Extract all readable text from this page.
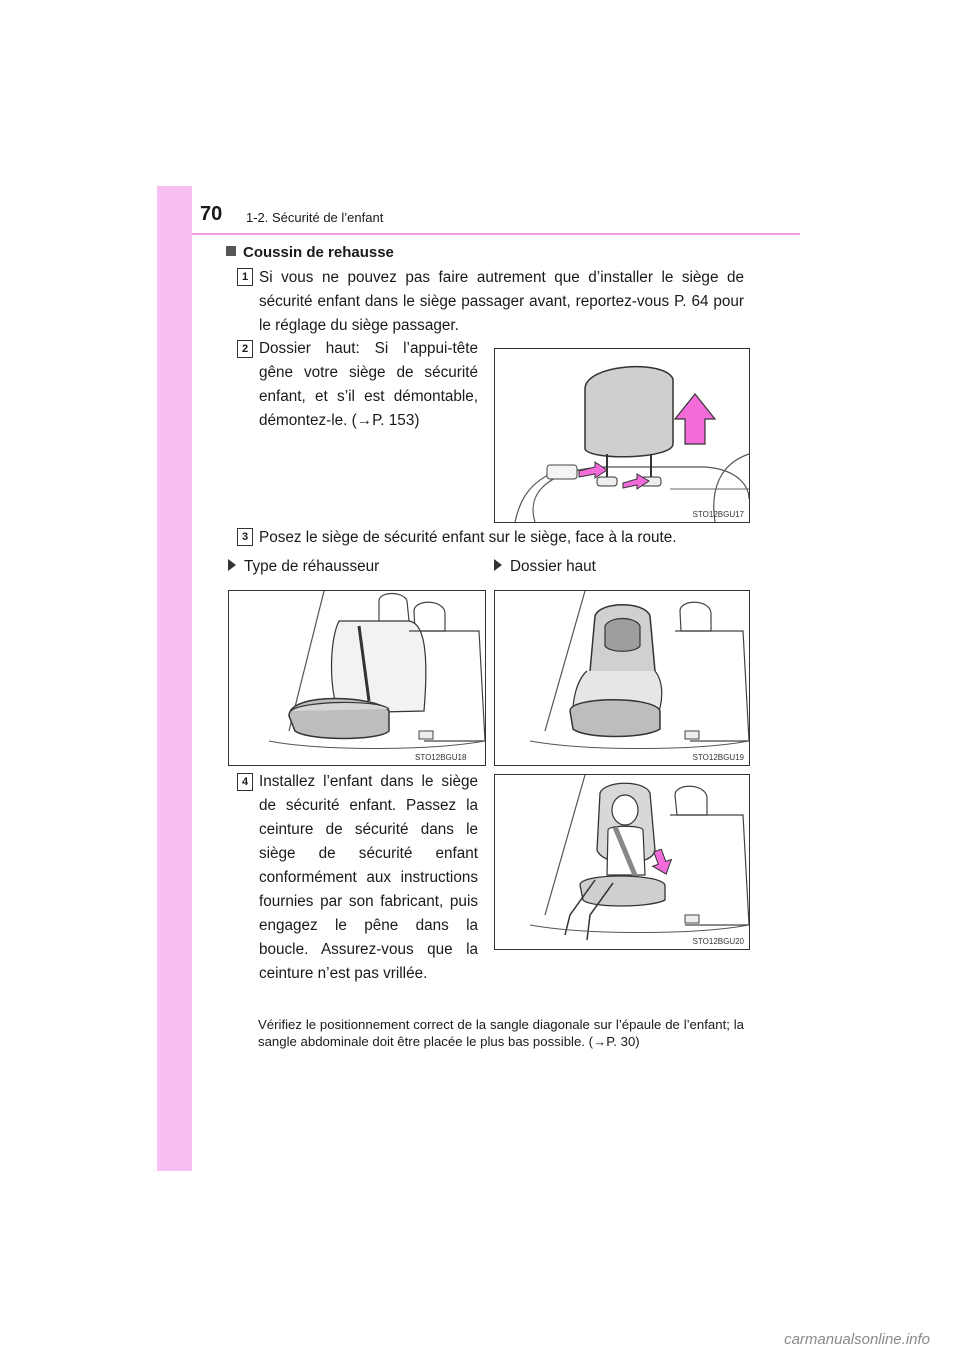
70 1-2. Sécurité de l’enfant
Coussin de rehausse
1 Si vous ne pouvez pas faire autrement que d’installer le siège de sécurité enfant dans le siège passager avant, reportez-vous P. 64 pour le réglage du siège passager.
2 Dossier haut: Si l’appui-tête gêne votre siège de sécurité enfant, et s’il est démontable, démontez-le. (→P. 153)
STO12BGU17
3 Posez le siège de sécurité enfant sur le siège, face à la route.
Type de réhausseur	Dossier haut
STO12BGU18	STO12BGU19
4 Installez l’enfant dans le siège de sécurité enfant. Passez la ceinture de sécurité dans le siège de sécurité enfant conformément aux instructions fournies par son fabricant, puis engagez le pêne dans la boucle. Assurez-vous que la ceinture n’est pas vrillée.
STO12BGU20
Vérifiez le positionnement correct de la sangle diagonale sur l’épaule de l’enfant; la sangle abdominale doit être placée le plus bas possible. (→P. 30)
carmanualsonline.info
